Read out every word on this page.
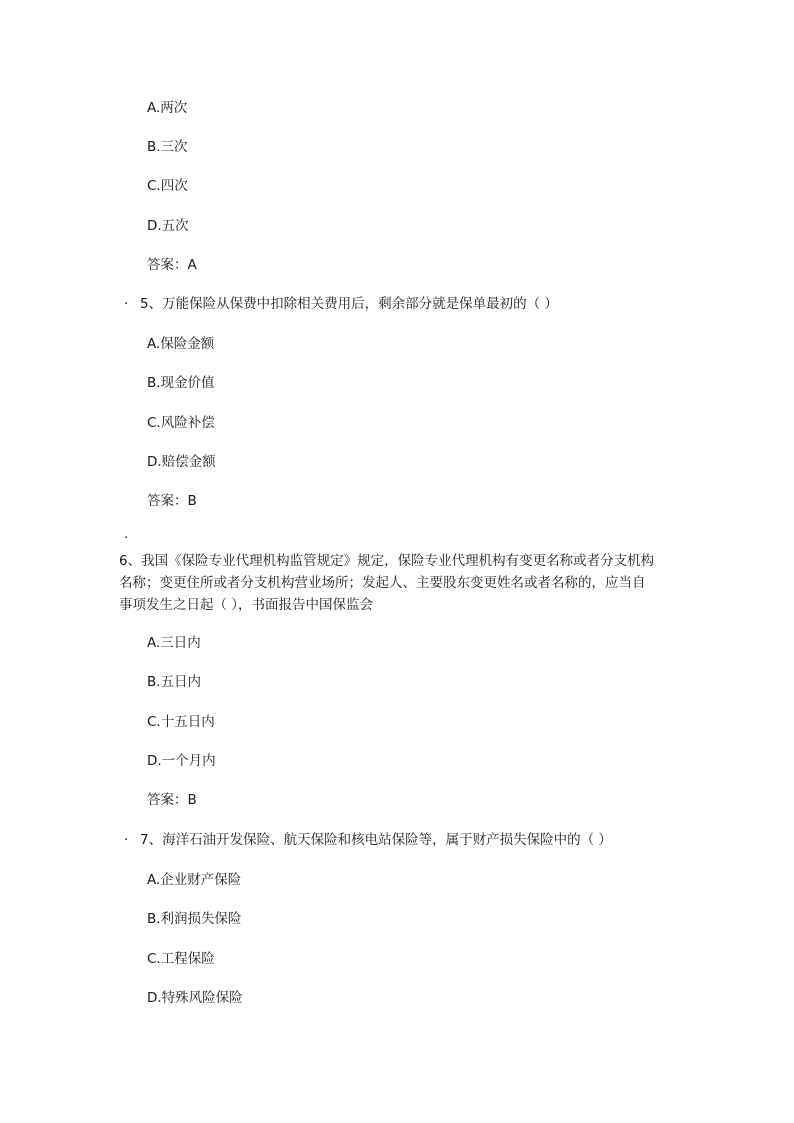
A.两次
B.三次
C.四次
D.五次
答案：A
· 5、万能保险从保费中扣除相关费用后，剩余部分就是保单最初的（ ）
A.保险金额
B.现金价值
C.风险补偿
D.赔偿金额
答案：B
·
6、我国《保险专业代理机构监管规定》规定，保险专业代理机构有变更名称或者分支机构
名称；变更住所或者分支机构营业场所；发起人、主要股东变更姓名或者名称的，应当自
事项发生之日起（ ），书面报告中国保监会
A.三日内
B.五日内
C.十五日内
D.一个月内
答案：B
· 7、海洋石油开发保险、航天保险和核电站保险等，属于财产损失保险中的（ ）
A.企业财产保险
B.利润损失保险
C.工程保险
D.特殊风险保险
